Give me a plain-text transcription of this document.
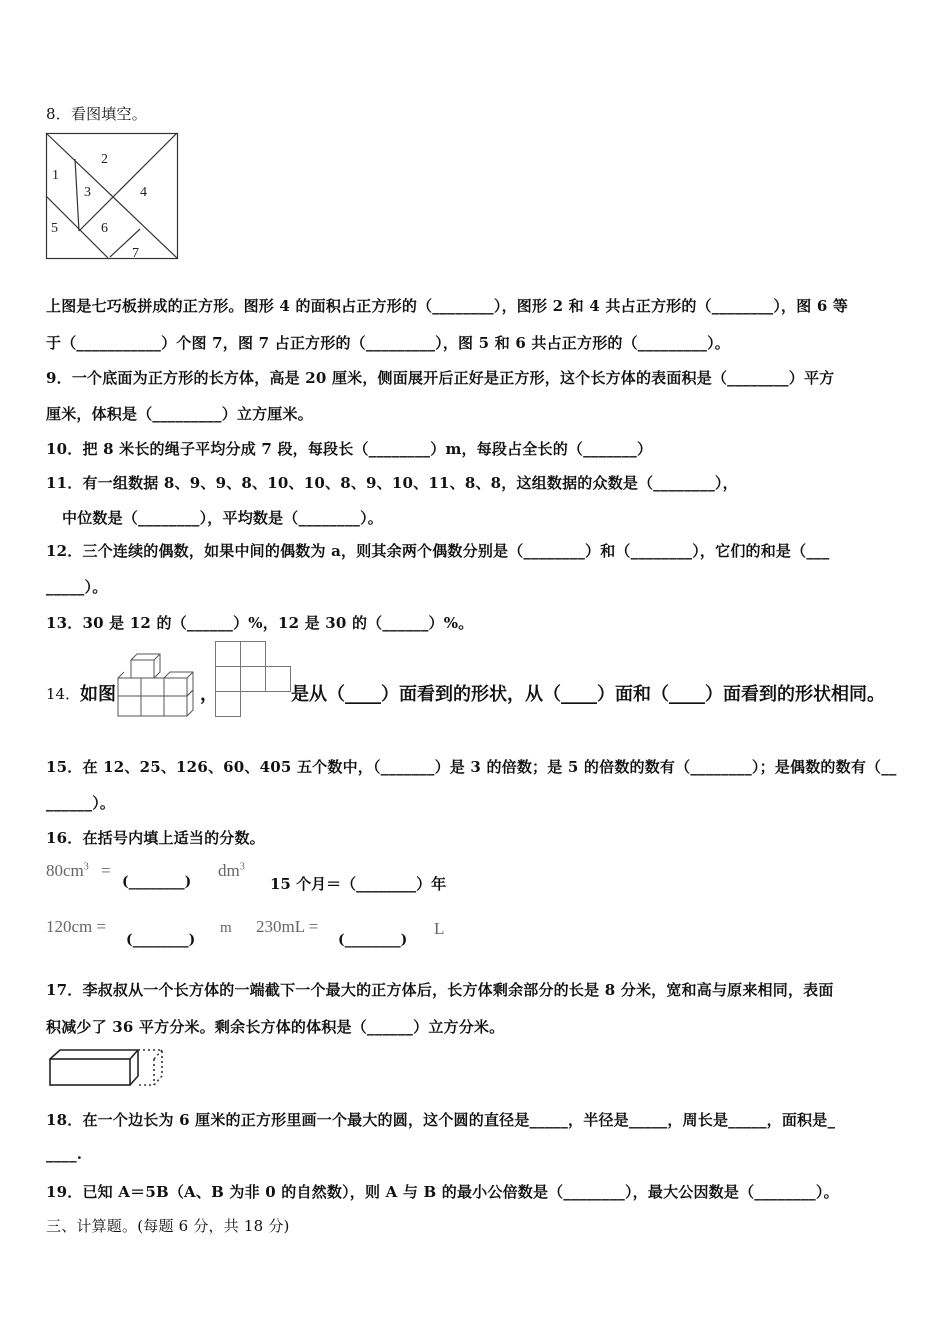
8．看图填空。
1
2
3	4
5	6
7
上图是七巧板拼成的正方形。图形 4 的面积占正方形的（________），图形 2 和 4 共占正方形的（________），图 6 等
于（___________）个图 7，图 7 占正方形的（_________），图 5 和 6 共占正方形的（_________）。
9．一个底面为正方形的长方体，高是 20 厘米，侧面展开后正好是正方形，这个长方体的表面积是（________）平方
厘米，体积是（_________）立方厘米。
10．把 8 米长的绳子平均分成 7 段，每段长（________）m，每段占全长的（_______）
11．有一组数据 8、9、9、8、10、10、8、9、10、11、8、8，这组数据的众数是（________），
中位数是（________），平均数是（________）。
12．三个连续的偶数，如果中间的偶数为 a，则其余两个偶数分别是（________）和（________），它们的和是（___
_____）。
13．30 是 12 的（______）%，12 是 30 的（______）%。
14． 如图	，	是从（____）面看到的形状，从（____）面和（____）面看到的形状相同。
15．在 12、25、126、60、405 五个数中，（_______）是 3 的倍数；是 5 的倍数的数有（________）；是偶数的数有（__
______）。
16．在括号内填上适当的分数。
$80cm^3$ =
(________)
$dm^3$
15 个月＝（________）年
120cm =
(________)
m 230mL =
(________)
L
17．李叔叔从一个长方体的一端截下一个最大的正方体后，长方体剩余部分的长是 8 分米，宽和高与原来相同，表面
积减少了 36 平方分米。剩余长方体的体积是（______）立方分米。
18．在一个边长为 6 厘米的正方形里画一个最大的圆，这个圆的直径是_____，半径是_____，周长是_____，面积是_
____.
19．已知 A＝5B（A、B 为非 0 的自然数），则 A 与 B 的最小公倍数是（________），最大公因数是（________）。
三、计算题。(每题 6 分，共 18 分)
